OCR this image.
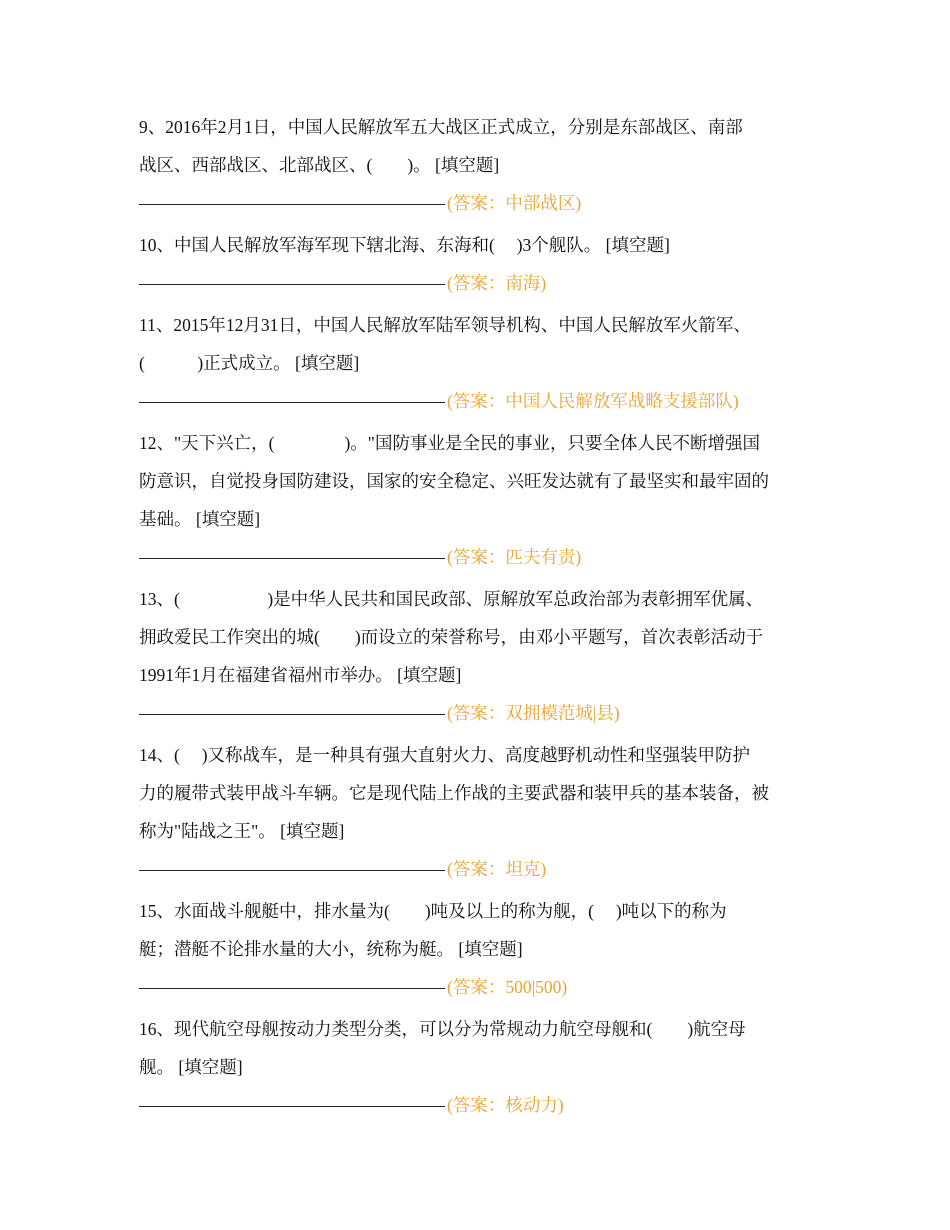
9、2016年2月1日，中国人民解放军五大战区正式成立，分别是东部战区、南部
战区、西部战区、北部战区、(　　)。 [填空题]
(答案：中部战区)
10、中国人民解放军海军现下辖北海、东海和(　 )3个舰队。 [填空题]
(答案：南海)
11、2015年12月31日，中国人民解放军陆军领导机构、中国人民解放军火箭军、
(　　　)正式成立。 [填空题]
(答案：中国人民解放军战略支援部队)
12、"天下兴亡，(　　　　)。"国防事业是全民的事业，只要全体人民不断增强国
防意识，自觉投身国防建设，国家的安全稳定、兴旺发达就有了最坚实和最牢固的
基础。 [填空题]
(答案：匹夫有责)
13、(　　　　　)是中华人民共和国民政部、原解放军总政治部为表彰拥军优属、
拥政爱民工作突出的城(　　)而设立的荣誉称号，由邓小平题写，首次表彰活动于
1991年1月在福建省福州市举办。 [填空题]
(答案：双拥模范城|县)
14、(　 )又称战车，是一种具有强大直射火力、高度越野机动性和坚强装甲防护
力的履带式装甲战斗车辆。它是现代陆上作战的主要武器和装甲兵的基本装备，被
称为"陆战之王"。 [填空题]
(答案：坦克)
15、水面战斗舰艇中，排水量为(　　)吨及以上的称为舰，(　 )吨以下的称为
艇；潜艇不论排水量的大小，统称为艇。 [填空题]
(答案：500|500)
16、现代航空母舰按动力类型分类，可以分为常规动力航空母舰和(　　)航空母
舰。 [填空题]
(答案：核动力)
